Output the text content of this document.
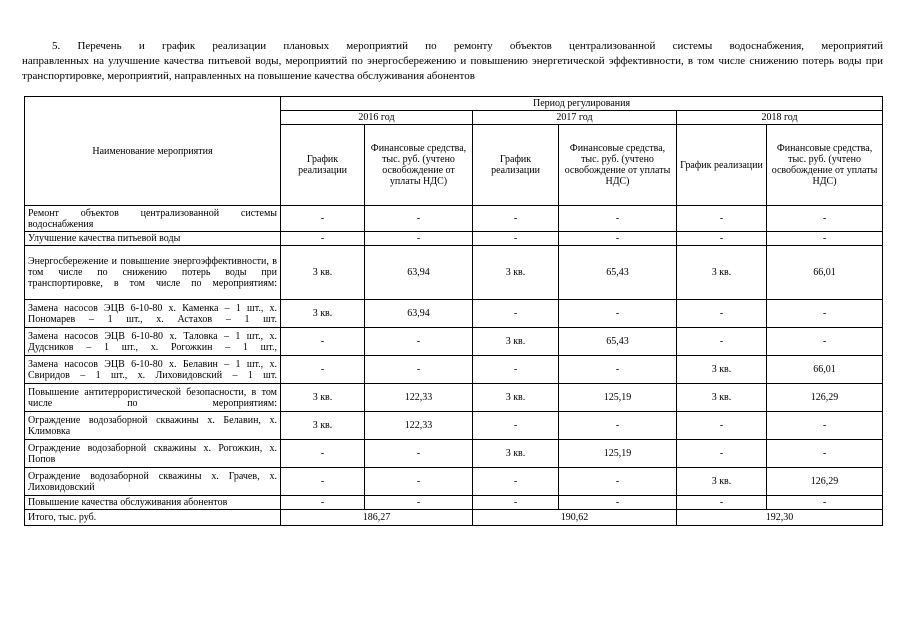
5. Перечень и график реализации плановых мероприятий по ремонту объектов централизованной системы водоснабжения, мероприятий
направленных на улучшение качества питьевой воды, мероприятий по энергосбережению и повышению энергетической эффективности, в том числе снижению потерь воды при транспортировке, мероприятий, направленных на повышение качества обслуживания абонентов
Наименование мероприятия	Период регулирования					
	2016 год		2017 год		2018 год	
	График реализации	Финансовые средства, тыс. руб. (учтено освобождение от уплаты НДС)	График реализации	Финансовые средства, тыс. руб. (учтено освобождение от уплаты НДС)	График реализации	Финансовые средства, тыс. руб. (учтено освобождение от уплаты НДС)
Ремонт объектов централизованной системы водоснабжения	-	-	-	-	-	-
Улучшение качества питьевой воды	-	-	-	-	-	-
Энергосбережение и повышение энергоэффективности, в том числе по снижению потерь воды при транспортировке, в том числе по мероприятиям:	3 кв.	63,94	3 кв.	65,43	3 кв.	66,01
Замена насосов ЭЦВ 6-10-80 х. Каменка – 1 шт., х. Пономарев – 1 шт., х. Астахов – 1 шт.	3 кв.	63,94	-	-	-	-
Замена насосов ЭЦВ 6-10-80 х. Таловка – 1 шт., х. Дудсников – 1 шт., х. Рогожкин – 1 шт.,	-	-	3 кв.	65,43	-	-
Замена насосов ЭЦВ 6-10-80 х. Белавин – 1 шт., х. Свиридов – 1 шт., х. Лиховидовский – 1 шт.	-	-	-	-	3 кв.	66,01
Повышение антитеррористической безопасности, в том числе по мероприятиям:	3 кв.	122,33	3 кв.	125,19	3 кв.	126,29
Ограждение водозаборной скважины х. Белавин, х. Климовка	3 кв.	122,33	-	-	-	-
Ограждение водозаборной скважины х. Рогожкин, х. Попов	-	-	3 кв.	125,19	-	-
Ограждение водозаборной скважины х. Грачев, х. Лиховидовский	-	-	-	-	3 кв.	126,29
Повышение качества обслуживания абонентов	-	-	-	-	-	-
Итого, тыс. руб.	186,27		190,62		192,30	
